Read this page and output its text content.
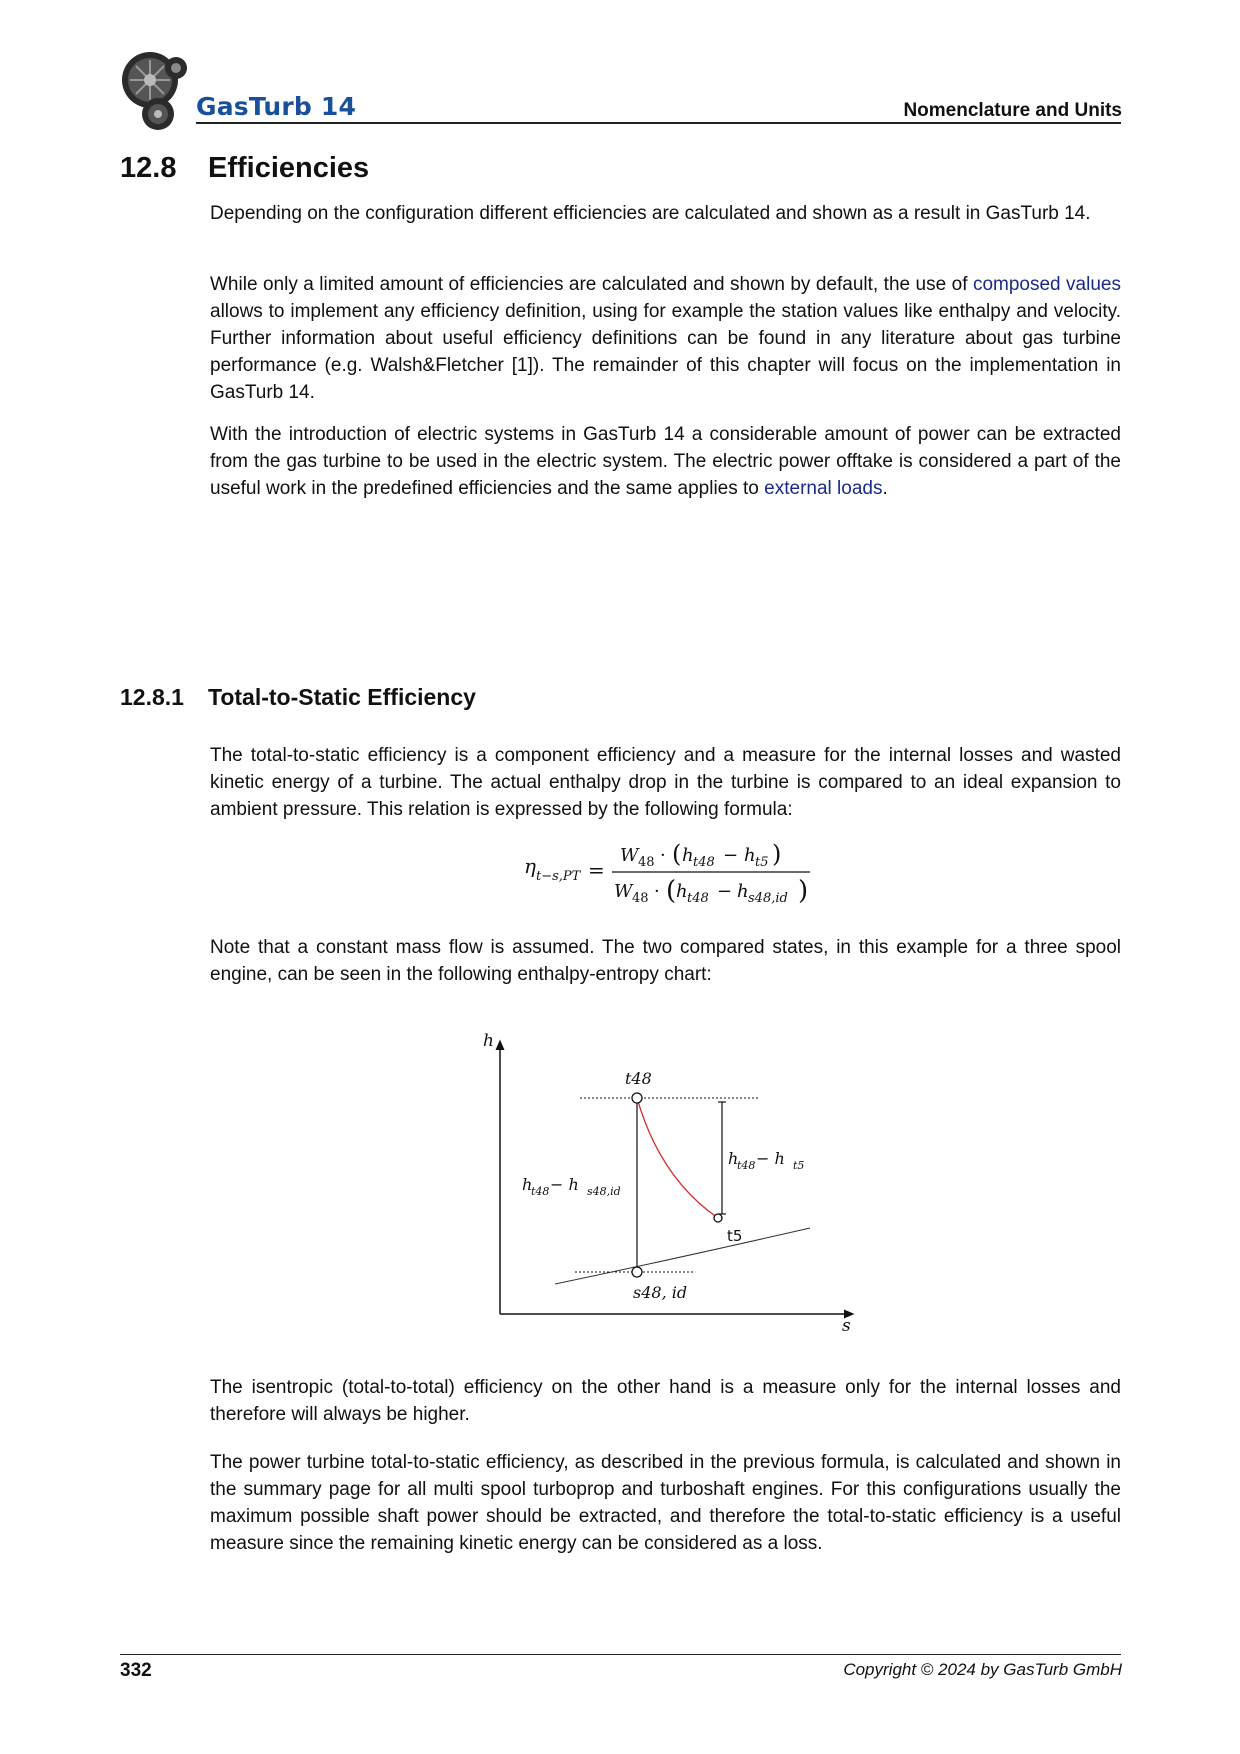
GasTurb 14	Nomenclature and Units
12.8 Efficiencies

Depending on the configuration different efficiencies are calculated and shown as a result in GasTurb 14.

While only a limited amount of efficiencies are calculated and shown by default, the use of composed values allows to implement any efficiency definition, using for example the station values like enthalpy and velocity. Further information about useful efficiency definitions can be found in any literature about gas turbine performance (e.g. Walsh&Fletcher [1]). The remainder of this chapter will focus on the implementation in GasTurb 14.

With the introduction of electric systems in GasTurb 14 a considerable amount of power can be extracted from the gas turbine to be used in the electric system. The electric power offtake is considered a part of the useful work in the predefined efficiencies and the same applies to external loads.

12.8.1 Total-to-Static Efficiency

The total-to-static efficiency is a component efficiency and a measure for the internal losses and wasted kinetic energy of a turbine. The actual enthalpy drop in the turbine is compared to an ideal expansion to ambient pressure. This relation is expressed by the following formula:

η t−s,PT =
W 48 · ( h t48 − h t5 )
W 48 · ( h t48 − h s48,id )

Note that a constant mass flow is assumed. The two compared states, in this example for a three spool engine, can be seen in the following enthalpy-entropy chart:

h
s
t48
t5
s48, id
h
t48 − h t5
h
t48 − h s48,id

The isentropic (total-to-total) efficiency on the other hand is a measure only for the internal losses and therefore will always be higher.

The power turbine total-to-static efficiency, as described in the previous formula, is calculated and shown in the summary page for all multi spool turboprop and turboshaft engines. For this configurations usually the maximum possible shaft power should be extracted, and therefore the total-to-static efficiency is a useful measure since the remaining kinetic energy can be considered as a loss.

332	Copyright © 2024 by GasTurb GmbH
